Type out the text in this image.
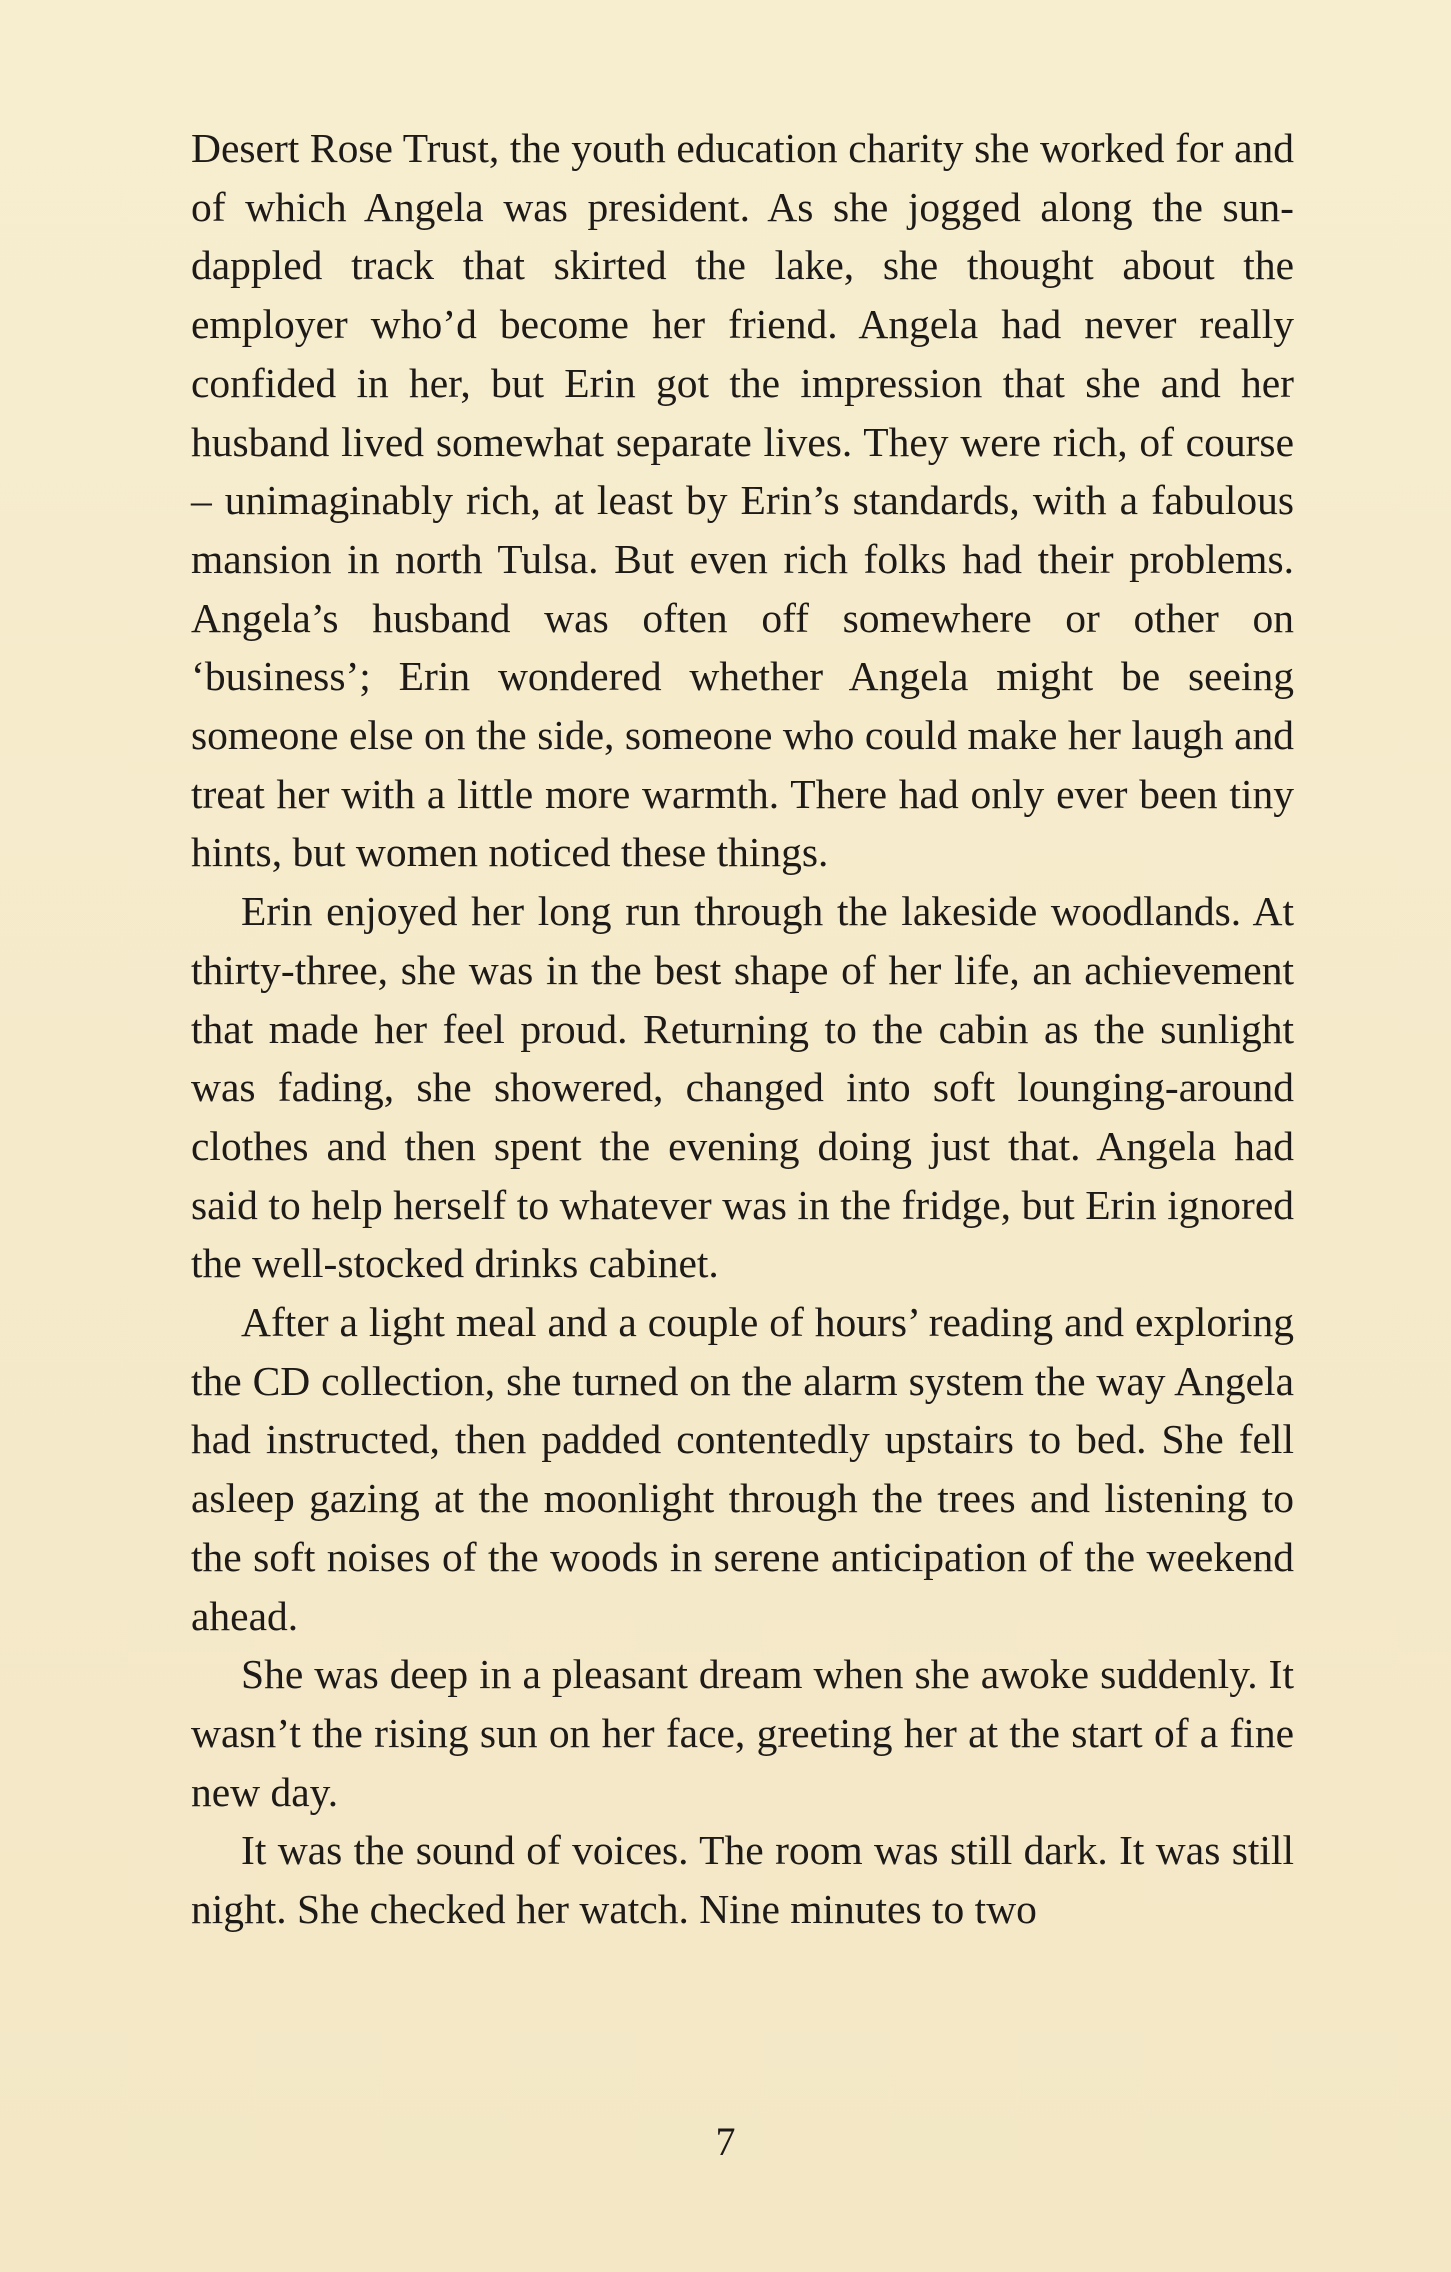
Desert Rose Trust, the youth education charity she worked for and of which Angela was president. As she jogged along the sun-dappled track that skirted the lake, she thought about the employer who’d become her friend. Angela had never really confided in her, but Erin got the impression that she and her husband lived somewhat separate lives. They were rich, of course – unimaginably rich, at least by Erin’s standards, with a fabulous mansion in north Tulsa. But even rich folks had their problems. Angela’s husband was often off somewhere or other on ‘business’; Erin wondered whether Angela might be seeing someone else on the side, someone who could make her laugh and treat her with a little more warmth. There had only ever been tiny hints, but women noticed these things.

Erin enjoyed her long run through the lakeside woodlands. At thirty-three, she was in the best shape of her life, an achievement that made her feel proud. Returning to the cabin as the sunlight was fading, she showered, changed into soft lounging-around clothes and then spent the evening doing just that. Angela had said to help herself to whatever was in the fridge, but Erin ignored the well-stocked drinks cabinet.

After a light meal and a couple of hours’ reading and exploring the CD collection, she turned on the alarm system the way Angela had instructed, then padded contentedly upstairs to bed. She fell asleep gazing at the moonlight through the trees and listening to the soft noises of the woods in serene anticipation of the weekend ahead.

She was deep in a pleasant dream when she awoke suddenly. It wasn’t the rising sun on her face, greeting her at the start of a fine new day.

It was the sound of voices. The room was still dark. It was still night. She checked her watch. Nine minutes to two

7
